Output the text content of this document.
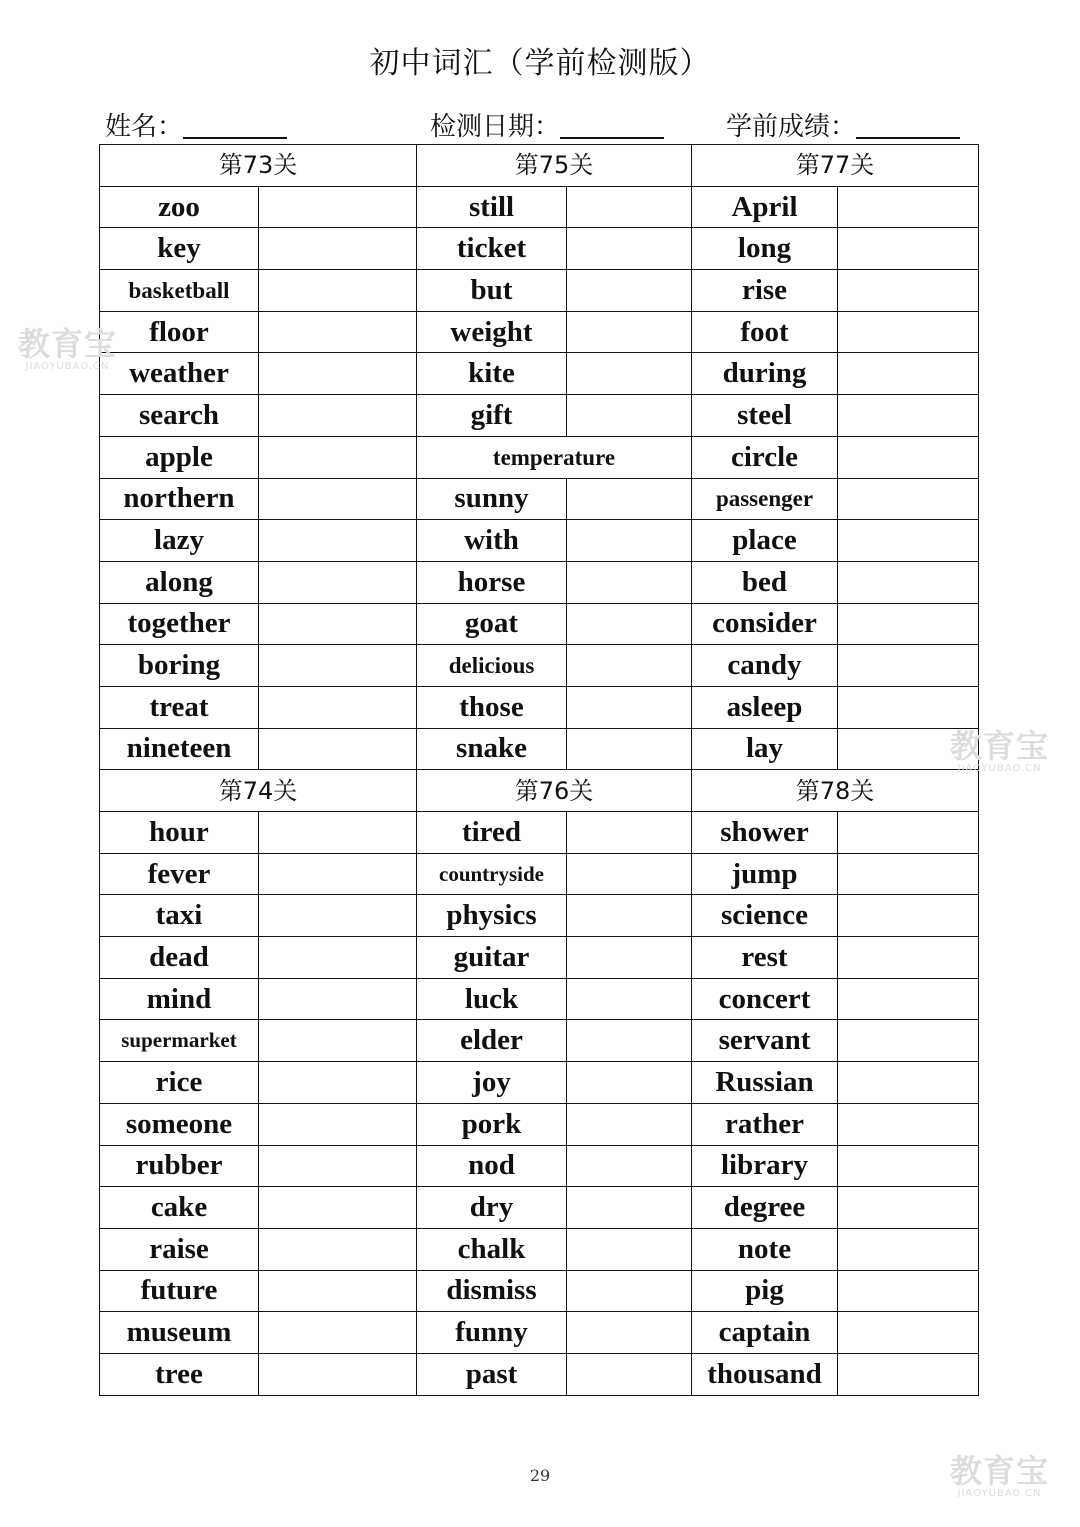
初中词汇（学前检测版）
姓名：	检测日期：	学前成绩：
第73关		第75关		第77关	
zoo		still		April	
key		ticket		long	
basketball		but		rise	
floor		weight		foot	
weather		kite		during	
search		gift		steel	
apple		temperature		circle	
northern		sunny		passenger	
lazy		with		place	
along		horse		bed	
together		goat		consider	
boring		delicious		candy	
treat		those		asleep	
nineteen		snake		lay	
第74关		第76关		第78关	
hour		tired		shower	
fever		countryside		jump	
taxi		physics		science	
dead		guitar		rest	
mind		luck		concert	
supermarket		elder		servant	
rice		joy		Russian	
someone		pork		rather	
rubber		nod		library	
cake		dry		degree	
raise		chalk		note	
future		dismiss		pig	
museum		funny		captain	
tree		past		thousand	
29
教育宝
JIAOYUBAO.CN
教育宝
JIAOYUBAO.CN
教育宝
JIAOYUBAO.CN
